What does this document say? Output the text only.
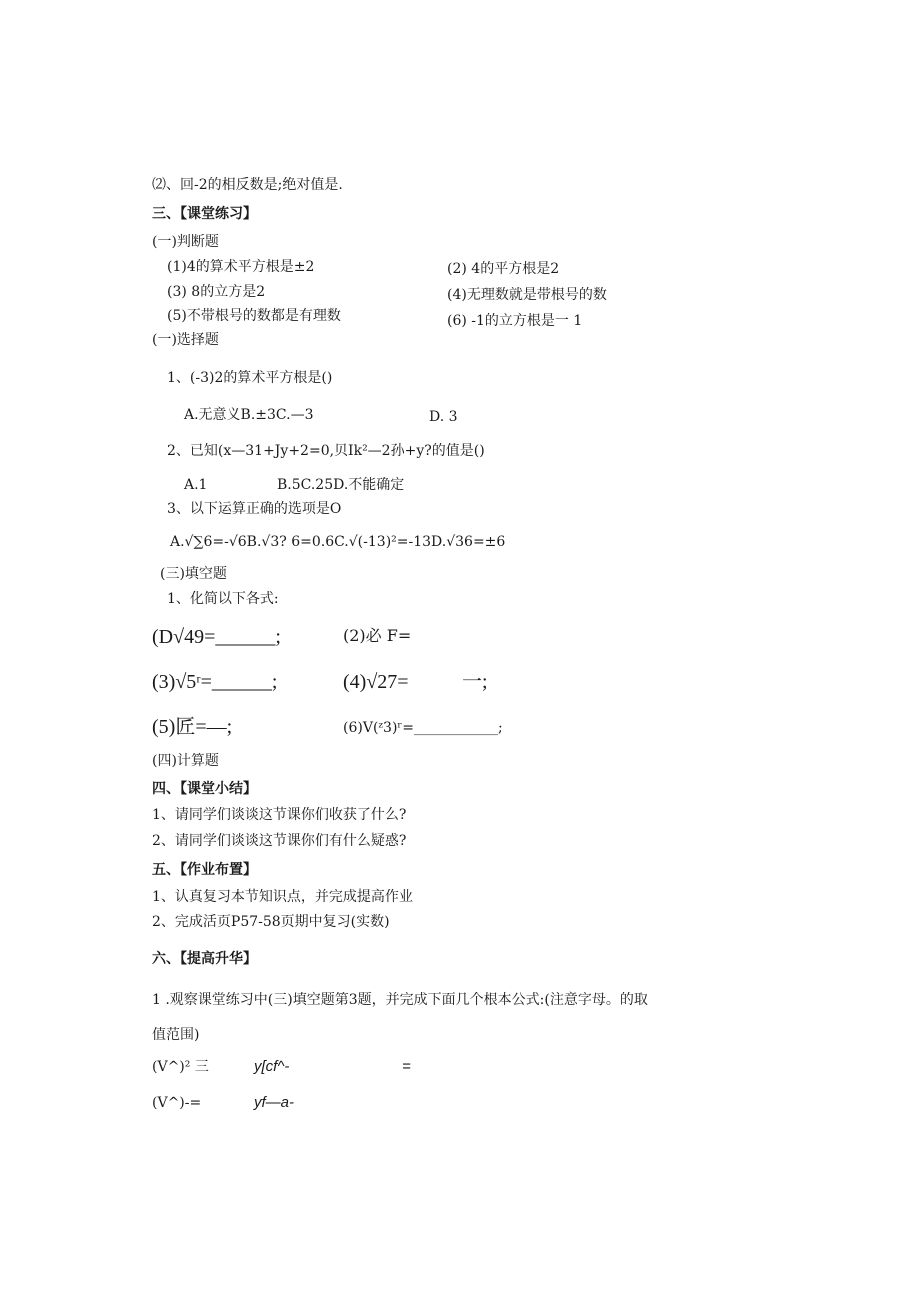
⑵、回-2的相反数是;绝对值是.
三、【课堂练习】
(一)判断题
(1)4的算术平方根是±2	(2) 4的平方根是2
(3) 8的立方是2	(4)无理数就是带根号的数
(5)不带根号的数都是有理数	(6) -1的立方根是一 1
(一)选择题
1、(-3)2的算术平方根是()
A.无意义B.±3C.—3	D. 3
2、已知(x—31+Jy+2=0,贝Ik²—2孙+y?的值是()
A.1	B.5C.25D.不能确定
3、以下运算正确的选项是O
A.√∑6=-√6B.√3? 6=0.6C.√(-13)²=-13D.√36=±6
(三)填空题
1、化简以下各式:
(D√49=______;	(2)必 F=
(3)√5ʳ=______;	(4)√27=	一;
(5)匠=—;	(6)V(ᶻ3)ʳ=____________;
(四)计算题
四、【课堂小结】
1、请同学们谈谈这节课你们收获了什么?
2、请同学们谈谈这节课你们有什么疑惑?
五、【作业布置】
1、认真复习本节知识点，并完成提高作业
2、完成活页P57-58页期中复习(实数)
六、【提高升华】
1 .观察课堂练习中(三)填空题第3题，并完成下面几个根本公式:(注意字母。的取
值范围)
(V^)² 三	y[cf^-	=
(V^)-=	yf—a-
